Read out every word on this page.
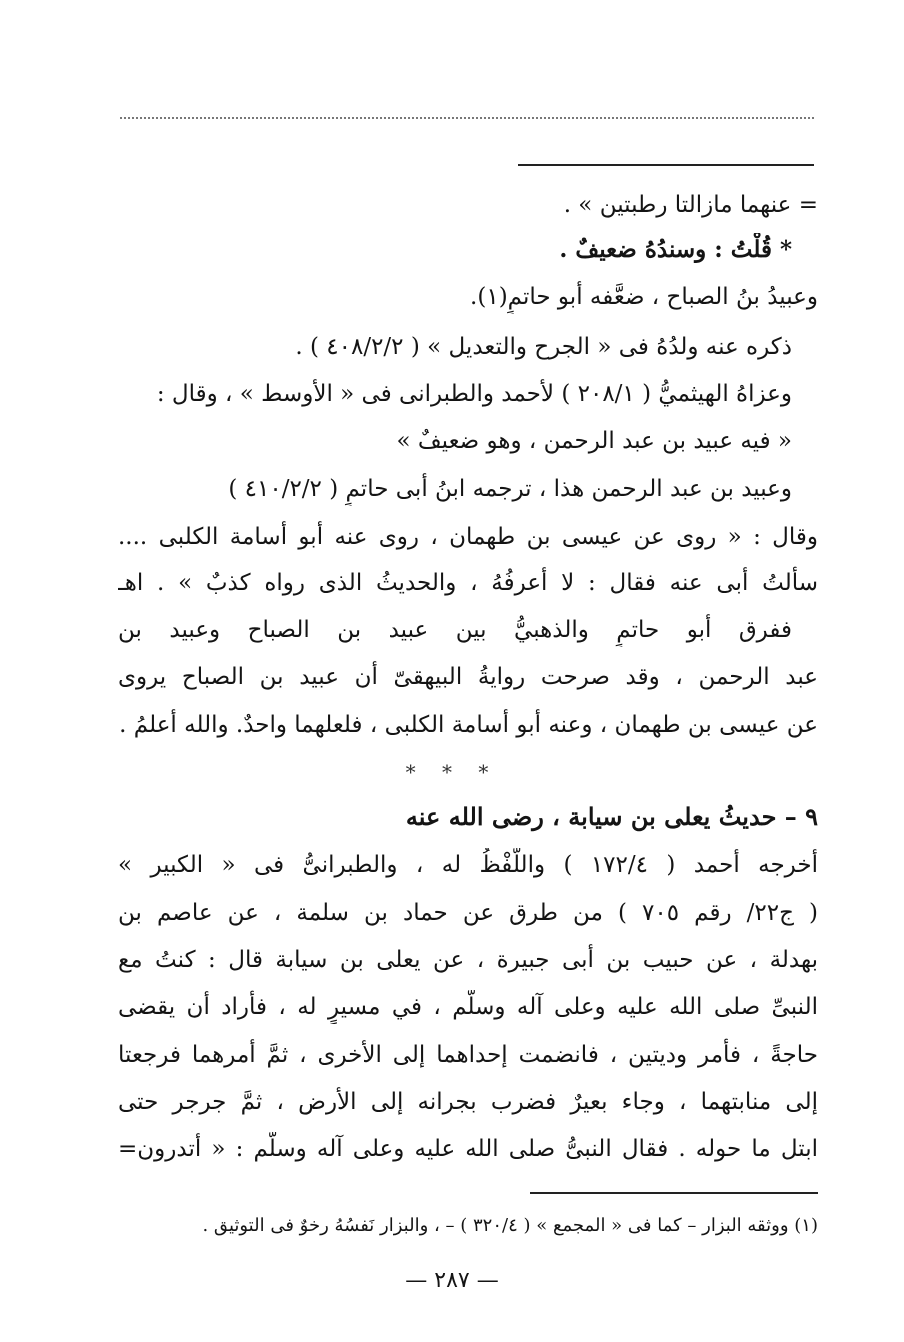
= عنهما مازالتا رطبتين » .
* قُلْتُ : وسندُهُ ضعيفٌ .
وعبيدُ بنُ الصباح ، ضعَّفه أبو حاتمٍ(١).
ذكره عنه ولدُهُ فى « الجرح والتعديل » ( ٤٠٨/٢/٢ ) .
وعزاهُ الهيثميُّ ( ٢٠٨/١ ) لأحمد والطبرانى فى « الأوسط » ، وقال :
« فيه عبيد بن عبد الرحمن ، وهو ضعيفٌ »
وعبيد بن عبد الرحمن هذا ، ترجمه ابنُ أبى حاتمٍ ( ٤١٠/٢/٢ )
وقال : « روى عن عيسى بن طهمان ، روى عنه أبو أسامة الكلبى ....
سألتُ أبى عنه فقال : لا أعرفُهُ ، والحديثُ الذى رواه كذبٌ » . اهـ
ففرق أبو حاتمٍ والذهبيُّ بين عبيد بن الصباح وعبيد بن
عبد الرحمن ، وقد صرحت روايةُ البيهقىّ أن عبيد بن الصباح يروى
عن عيسى بن طهمان ، وعنه أبو أسامة الكلبى ، فلعلهما واحدٌ. والله أعلمُ .
* * *
٩ – حديثُ يعلى بن سيابة ، رضى الله عنه
أخرجه أحمد ( ١٧٢/٤ ) واللَّفْظُ له ، والطبرانىُّ فى « الكبير »
( ج٢٢/ رقم ٧٠٥ ) من طرق عن حماد بن سلمة ، عن عاصم بن
بهدلة ، عن حبيب بن أبى جبيرة ، عن يعلى بن سيابة قال : كنتُ مع
النبىِّ صلى الله عليه وعلى آله وسلَّم ، في مسيرٍ له ، فأراد أن يقضى
حاجةً ، فأمر وديتين ، فانضمت إحداهما إلى الأخرى ، ثمَّ أمرهما فرجعتا
إلى منابتهما ، وجاء بعيرٌ فضرب بجرانه إلى الأرض ، ثمَّ جرجر حتى
ابتل ما حوله . فقال النبىُّ صلى الله عليه وعلى آله وسلَّم : « أتدرون=
(١) ووثقه البزار – كما فى « المجمع » ( ٣٢٠/٤ ) – ، والبزار نَفسُهُ رخوٌ فى التوثيق .
— ٢٨٧ —
